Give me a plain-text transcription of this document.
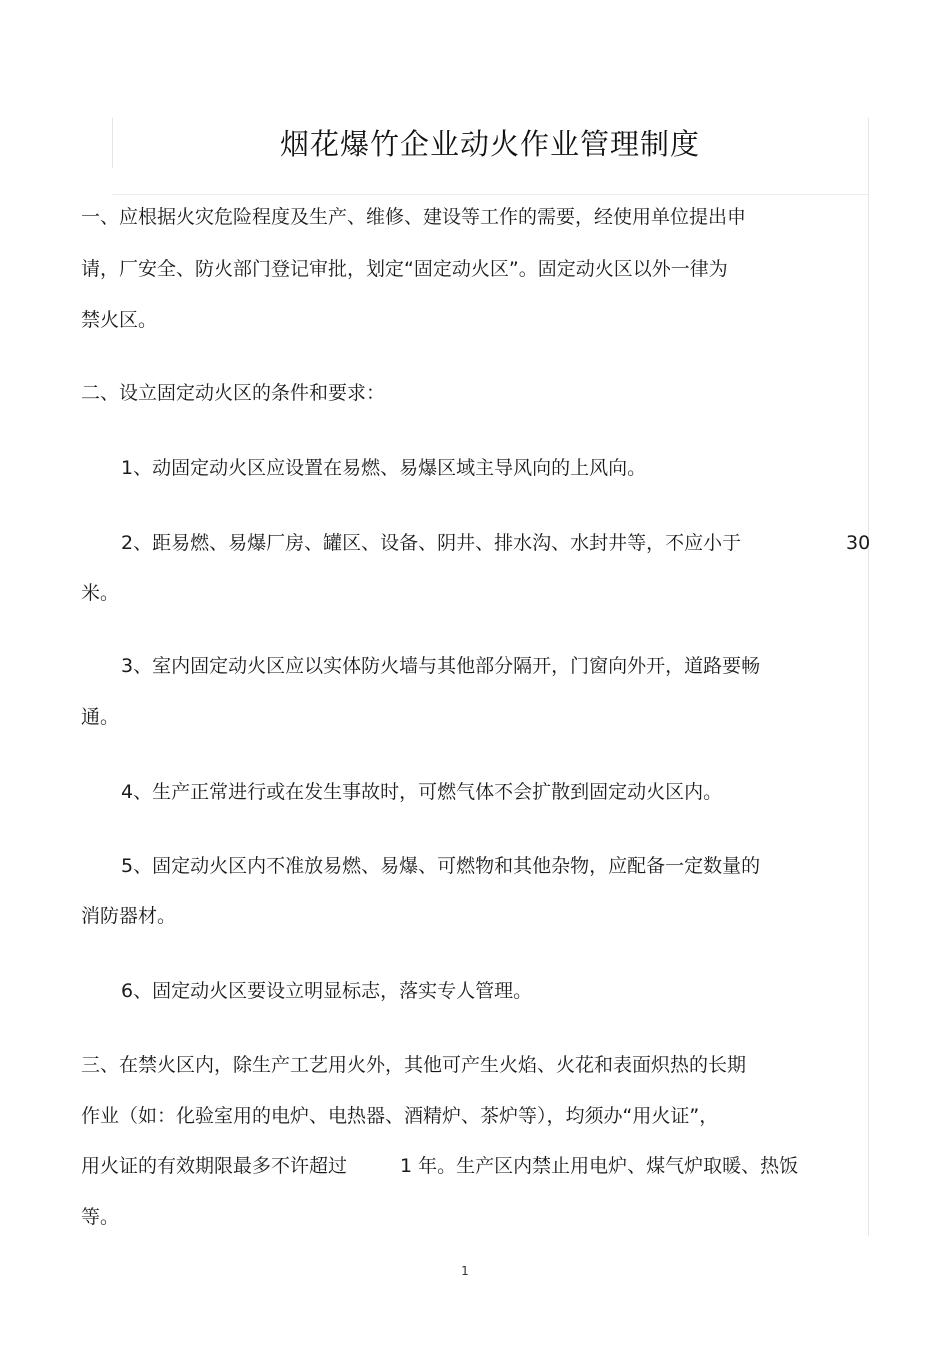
烟花爆竹企业动火作业管理制度
一、应根据火灾危险程度及生产、维修、建设等工作的需要，经使用单位提出申
请，厂安全、防火部门登记审批，划定“固定动火区”。固定动火区以外一律为
禁火区。
二、设立固定动火区的条件和要求：
1、动固定动火区应设置在易燃、易爆区域主导风向的上风向。
2、距易燃、易爆厂房、罐区、设备、阴井、排水沟、水封井等，不应小于	30
米。
3、室内固定动火区应以实体防火墙与其他部分隔开，门窗向外开，道路要畅
通。
4、生产正常进行或在发生事故时，可燃气体不会扩散到固定动火区内。
5、固定动火区内不准放易燃、易爆、可燃物和其他杂物，应配备一定数量的
消防器材。
6、固定动火区要设立明显标志，落实专人管理。
三、在禁火区内，除生产工艺用火外，其他可产生火焰、火花和表面炽热的长期
作业（如：化验室用的电炉、电热器、酒精炉、茶炉等），均须办“用火证”，
用火证的有效期限最多不许超过	1 年。生产区内禁止用电炉、煤气炉取暖、热饭
等。
1
